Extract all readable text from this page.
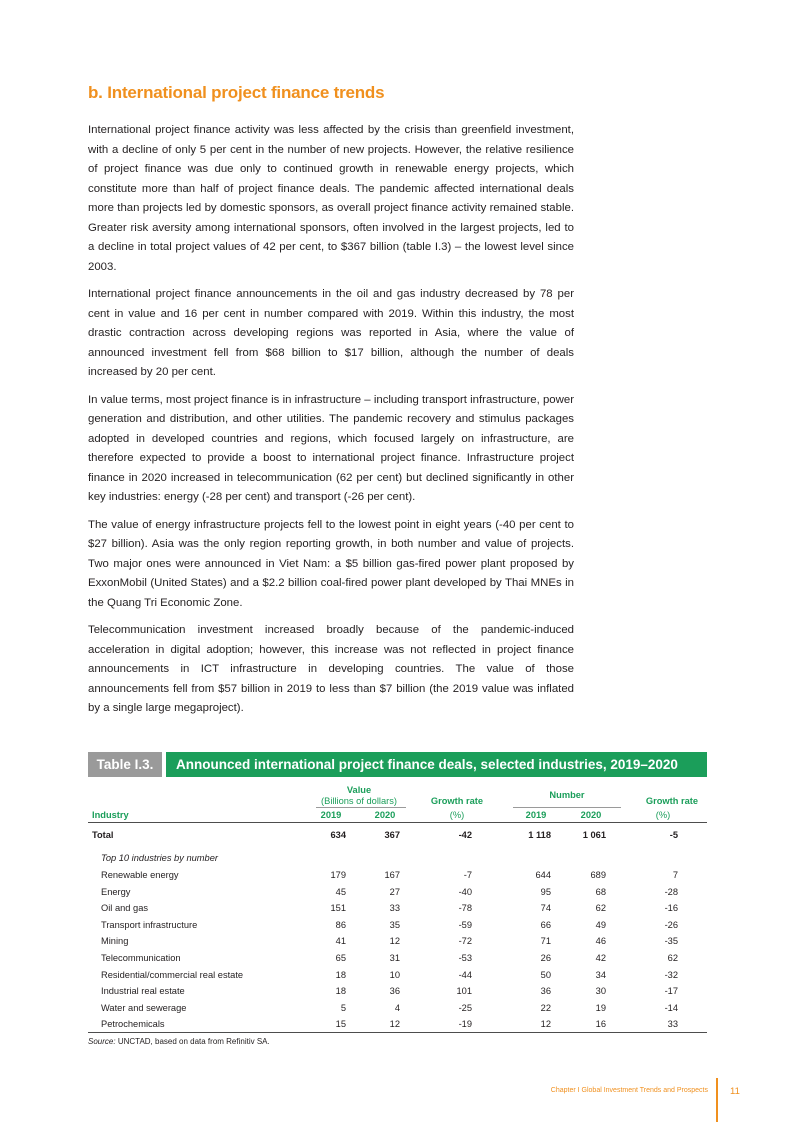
b. International project finance trends

International project finance activity was less affected by the crisis than greenfield investment, with a decline of only 5 per cent in the number of new projects. However, the relative resilience of project finance was due only to continued growth in renewable energy projects, which constitute more than half of project finance deals. The pandemic affected international deals more than projects led by domestic sponsors, as overall project finance activity remained stable. Greater risk aversity among international sponsors, often involved in the largest projects, led to a decline in total project values of 42 per cent, to $367 billion (table I.3) – the lowest level since 2003.

International project finance announcements in the oil and gas industry decreased by 78 per cent in value and 16 per cent in number compared with 2019. Within this industry, the most drastic contraction across developing regions was reported in Asia, where the value of announced investment fell from $68 billion to $17 billion, although the number of deals increased by 20 per cent.

In value terms, most project finance is in infrastructure – including transport infrastructure, power generation and distribution, and other utilities. The pandemic recovery and stimulus packages adopted in developed countries and regions, which focused largely on infrastructure, are therefore expected to provide a boost to international project finance. Infrastructure project finance in 2020 increased in telecommunication (62 per cent) but declined significantly in other key industries: energy (-28 per cent) and transport (-26 per cent).

The value of energy infrastructure projects fell to the lowest point in eight years (-40 per cent to $27 billion). Asia was the only region reporting growth, in both number and value of projects. Two major ones were announced in Viet Nam: a $5 billion gas-fired power plant proposed by ExxonMobil (United States) and a $2.2 billion coal-fired power plant developed by Thai MNEs in the Quang Tri Economic Zone.

Telecommunication investment increased broadly because of the pandemic-induced acceleration in digital adoption; however, this increase was not reflected in project finance announcements in ICT infrastructure in developing countries. The value of those announcements fell from $57 billion in 2019 to less than $7 billion (the 2019 value was inflated by a single large megaproject).

Table I.3.	Announced international project finance deals, selected industries, 2019–2020
Value
(Billions of dollars)	Growth rate
Number
Growth rate
Industry	2019	2020	(%)	2019	2020	(%)
Total	634	367	-42	1 118	1 061	-5
Top 10 industries by number
Renewable energy	179	167	-7	644	689	7
Energy	45	27	-40	95	68	-28
Oil and gas	151	33	-78	74	62	-16
Transport infrastructure	86	35	-59	66	49	-26
Mining	41	12	-72	71	46	-35
Telecommunication	65	31	-53	26	42	62
Residential/commercial real estate	18	10	-44	50	34	-32
Industrial real estate	18	36	101	36	30	-17
Water and sewerage	5	4	-25	22	19	-14
Petrochemicals	15	12	-19	12	16	33
Source: UNCTAD, based on data from Refinitiv SA.
Chapter I Global Investment Trends and Prospects 11
